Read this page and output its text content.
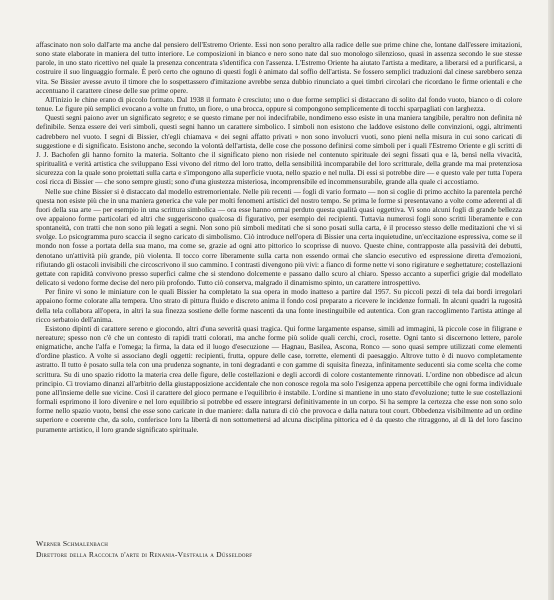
affascinato non solo dall'arte ma anche dal pensiero dell'Estremo Oriente. Essi non sono peraltro alla radice delle sue prime chine che, lontane dall'essere imitazioni, sono state elaborate in maniera del tutto interiore. Le composizioni in bianco e nero sono nate dal suo monologo silenzioso, quasi in assenza secondo le sue stesse parole, in uno stato ricettivo nel quale la presenza concentrata s'identifica con l'assenza. L'Estremo Oriente ha aiutato l'artista a meditare, a liberarsi ed a purificarsi, a costruire il suo linguaggio formale. È però certo che ognuno di questi fogli è animato dal soffio dell'artista. Se fossero semplici traduzioni dal cinese sarebbero senza vita. Se Bissier avesse avuto il timore che lo sospettassero d'imitazione avrebbe senza dubbio rinunciato a quei timbri circolari che ricordano le firme orientali e che accentuano il carattere cinese delle sue prime opere.

All'inizio le chine erano di piccolo formato. Dal 1938 il formato è cresciuto; uno o due forme semplici si distaccano di solito dal fondo vuoto, bianco o di colore tenue. Le figure più semplici evocano a volte un frutto, un fiore, o una brocca, oppure si compongono semplicemente di tocchi sparpagliati con larghezza.

Questi segni paiono aver un significato segreto; e se questo rimane per noi indecifrabile, nondimeno esso esiste in una maniera tangibile, peraltro non definita nè definibile. Senza essere dei veri simboli, questi segni hanno un carattere simbolico. I simboli non esistono che laddove esistono delle convinzioni, oggi, altrimenti cadrebbero nel vuoto. I segni di Bissier, ch'egli chiamava « dei segni affatto privati » non sono involucri vuoti, sono pieni nella misura in cui sono caricati di suggestione e di significato. Esistono anche, secondo la volontà dell'artista, delle cose che possono definirsi come simboli per i quali l'Estremo Oriente e gli scritti di J. J. Bachofen gli hanno fornito la materia. Soltanto che il significato pieno non risiede nel contenuto spirituale dei segni fissati qua e là, bensì nella vivacità, spiritualità e verità artistica che sviluppano Essi vivono del ritmo del loro tratto, della sensibilità incomparabile del loro scritturale, della grande ma mai pretenziosa sicurezza con la quale sono proiettati sulla carta e s'impongono alla superficie vuota, nello spazio e nel nulla. Di essi si potrebbe dire — e questo vale per tutta l'opera così ricca di Bissier — che sono sempre giusti; sono d'una giustezza misteriosa, incomprensibile ed incommensurabile, grande alla quale ci accostiamo.

Nelle sue chine Bissier si è distaccato dal modello estremorientale. Nelle più recenti — fogli di vario formato — non si coglie di primo acchito la parentela perché questa non esiste più che in una maniera generica che vale per molti fenomeni artistici del nostro tempo. Se prima le forme si presentavano a volte come aderenti al di fuori della sua arte — per esempio in una scrittura simbolica — ora esse hanno ormai perduto questa qualità quasi oggettiva. Vi sono alcuni fogli di grande bellezza ove appaiono forme particolari ed altri che suggeriscono qualcosa di figurativo, per esempio dei recipienti. Tuttavia numerosi fogli sono scritti liberamente e con spontaneità, con tratti che non sono più legati a segni. Non sono più simboli meditati che si sono posati sulla carta, è il processo stesso delle meditazioni che vi si svolge. Lo psicogramma puro scaccia il segno caricato di simbolismo. Ciò introduce nell'opera di Bissier una certa inquietudine, un'eccitazione espressiva, come se il mondo non fosse a portata della sua mano, ma come se, grazie ad ogni atto pittorico lo scoprisse di nuovo. Queste chine, contrapposte alla passività dei debutti, denotano un'attività più grande, più violenta. Il tocco corre liberamente sulla carta non essendo ormai che slancio esecutivo ed espressione diretta d'emozioni, rifiutando gli ostacoli invisibili che circoscrivono il suo cammino. I contrasti divengono più vivi: a fianco di forme nette vi sono rigirature e seghettature; costellazioni gettate con rapidità convivono presso superfici calme che si stendono dolcemente e passano dallo scuro al chiaro. Spesso accanto a superfici grigie dal modellato delicato si vedono forme decise del nero più profondo. Tutto ciò conserva, malgrado il dinamismo spinto, un carattere introspettivo.

Per finire vi sono le miniature con le quali Bissier ha completato la sua opera in modo inatteso a partire dal 1957. Su piccoli pezzi di tela dai bordi irregolari appaiono forme colorate alla tempera. Uno strato di pittura fluido e discreto anima il fondo così preparato a ricevere le incidenze formali. In alcuni quadri la rugosità della tela collabora all'opera, in altri la sua finezza sostiene delle forme nascenti da una fonte inestinguibile ed autentica. Con gran raccoglimento l'artista attinge al ricco serbatoio dell'anima.

Esistono dipinti di carattere sereno e giocondo, altri d'una severità quasi tragica. Qui forme largamente espanse, simili ad immagini, là piccole cose in filigrane e nereature; spesso non c'è che un contesto di rapidi tratti colorati, ma anche forme più solide quali cerchi, croci, rosette. Ogni tanto si discernono lettere, parole enigmatiche, anche l'alfa e l'omega; la firma, la data ed il luogo d'esecuzione — Hagnau, Basilea, Ascona, Ronco — sono quasi sempre utilizzati come elementi d'ordine plastico. A volte si associano degli oggetti: recipienti, frutta, oppure delle case, torrette, elementi di paesaggio. Altrove tutto è di nuovo completamente astratto. Il tutto è posato sulla tela con una prudenza sognante, in toni degradanti e con gamme di squisita finezza, infinitamente seducenti sia come scelta che come scrittura. Su di uno spazio ridotto la materia crea delle figure, delle costellazioni e degli accordi di colore costantemente rinnovati. L'ordine non obbedisce ad alcun principio. Ci troviamo dinanzi all'arbitrio della giustapposizione accidentale che non conosce regola ma solo l'esigenza appena percettibile che ogni forma individuale pone all'insieme delle sue vicine. Così il carattere del gioco permane e l'equilibrio è instabile. L'ordine si mantiene in uno stato d'evoluzione; tutte le sue costellazioni formali esprimono il loro divenire e nel loro equilibrio si potrebbe ed essere integrarsi definitivamente in un corpo. Si ha sempre la certezza che esse non sono solo forme nello spazio vuoto, bensì che esse sono caricate in due maniere: dalla natura di ciò che provoca e dalla natura tout court. Obbedenza visibilmente ad un ordine superiore e coerente che, da solo, conferisce loro la libertà di non sottomettersi ad alcuna disciplina pittorica ed è da questo che ritraggono, al di là del loro fascino puramente artistico, il loro grande significato spirituale.

Werner Schmalenbach
Direttore della Raccolta d'arte di Renania-Vestfalia a Düsseldorf
